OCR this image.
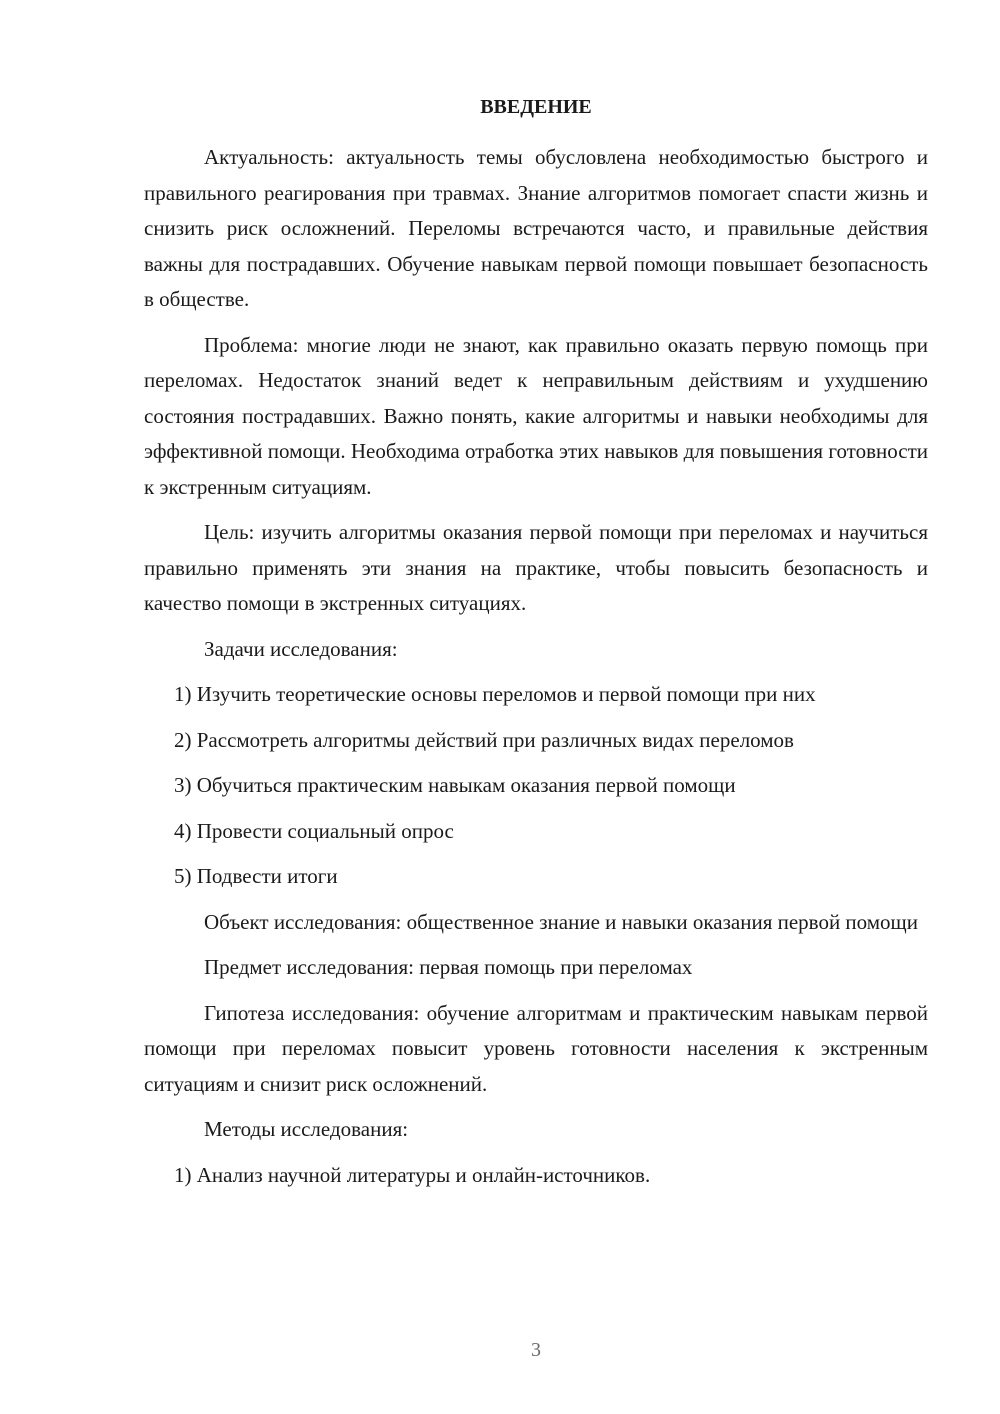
ВВЕДЕНИЕ

Актуальность: актуальность темы обусловлена необходимостью быстрого и правильного реагирования при травмах. Знание алгоритмов помогает спасти жизнь и снизить риск осложнений. Переломы встречаются часто, и правильные действия важны для пострадавших. Обучение навыкам первой помощи повышает безопасность в обществе.

Проблема: многие люди не знают, как правильно оказать первую помощь при переломах. Недостаток знаний ведет к неправильным действиям и ухудшению состояния пострадавших. Важно понять, какие алгоритмы и навыки необходимы для эффективной помощи. Необходима отработка этих навыков для повышения готовности к экстренным ситуациям.

Цель: изучить алгоритмы оказания первой помощи при переломах и научиться правильно применять эти знания на практике, чтобы повысить безопасность и качество помощи в экстренных ситуациях.

Задачи исследования:

1) Изучить теоретические основы переломов и первой помощи при них

2) Рассмотреть алгоритмы действий при различных видах переломов

3) Обучиться практическим навыкам оказания первой помощи

4) Провести социальный опрос

5) Подвести итоги

Объект исследования: общественное знание и навыки оказания первой помощи

Предмет исследования: первая помощь при переломах

Гипотеза исследования: обучение алгоритмам и практическим навыкам первой помощи при переломах повысит уровень готовности населения к экстренным ситуациям и снизит риск осложнений.

Методы исследования:

1) Анализ научной литературы и онлайн-источников.

3
